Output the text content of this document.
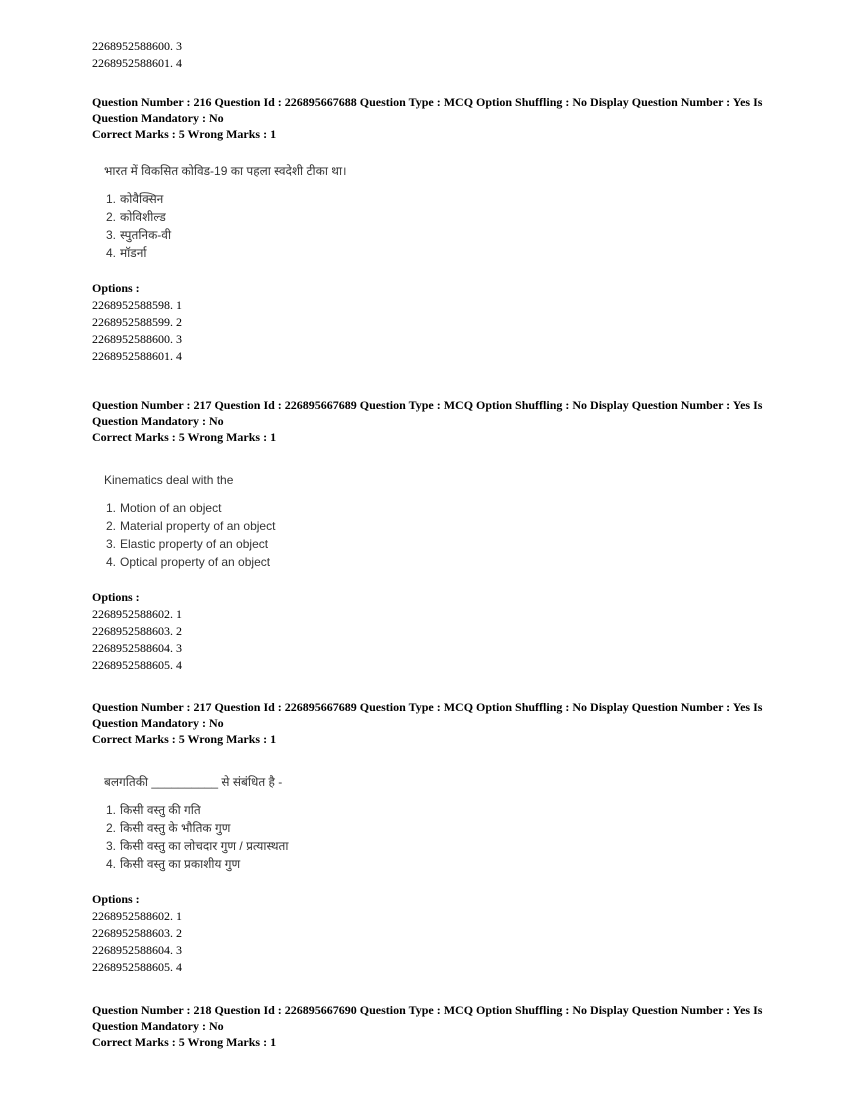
2268952588600. 3

2268952588601. 4

Question Number : 216 Question Id : 226895667688 Question Type : MCQ Option Shuffling : No Display Question Number : Yes Is
Question Mandatory : No
Correct Marks : 5 Wrong Marks : 1
भारत में विकसित कोविड-19 का पहला स्वदेशी टीका था।
1. कोवैक्सिन
2. कोविशील्ड
3. स्पुतनिक-वी
4. मॉडर्ना

Options :

2268952588598. 1

2268952588599. 2

2268952588600. 3

2268952588601. 4

Question Number : 217 Question Id : 226895667689 Question Type : MCQ Option Shuffling : No Display Question Number : Yes Is
Question Mandatory : No
Correct Marks : 5 Wrong Marks : 1
Kinematics deal with the
1. Motion of an object
2. Material property of an object
3. Elastic property of an object
4. Optical property of an object

Options :

2268952588602. 1

2268952588603. 2

2268952588604. 3

2268952588605. 4

Question Number : 217 Question Id : 226895667689 Question Type : MCQ Option Shuffling : No Display Question Number : Yes Is
Question Mandatory : No
Correct Marks : 5 Wrong Marks : 1
बलगतिकी __________ से संबंधित है -
1. किसी वस्तु की गति
2. किसी वस्तु के भौतिक गुण
3. किसी वस्तु का लोचदार गुण / प्रत्यास्थता
4. किसी वस्तु का प्रकाशीय गुण

Options :

2268952588602. 1

2268952588603. 2

2268952588604. 3

2268952588605. 4

Question Number : 218 Question Id : 226895667690 Question Type : MCQ Option Shuffling : No Display Question Number : Yes Is
Question Mandatory : No
Correct Marks : 5 Wrong Marks : 1
